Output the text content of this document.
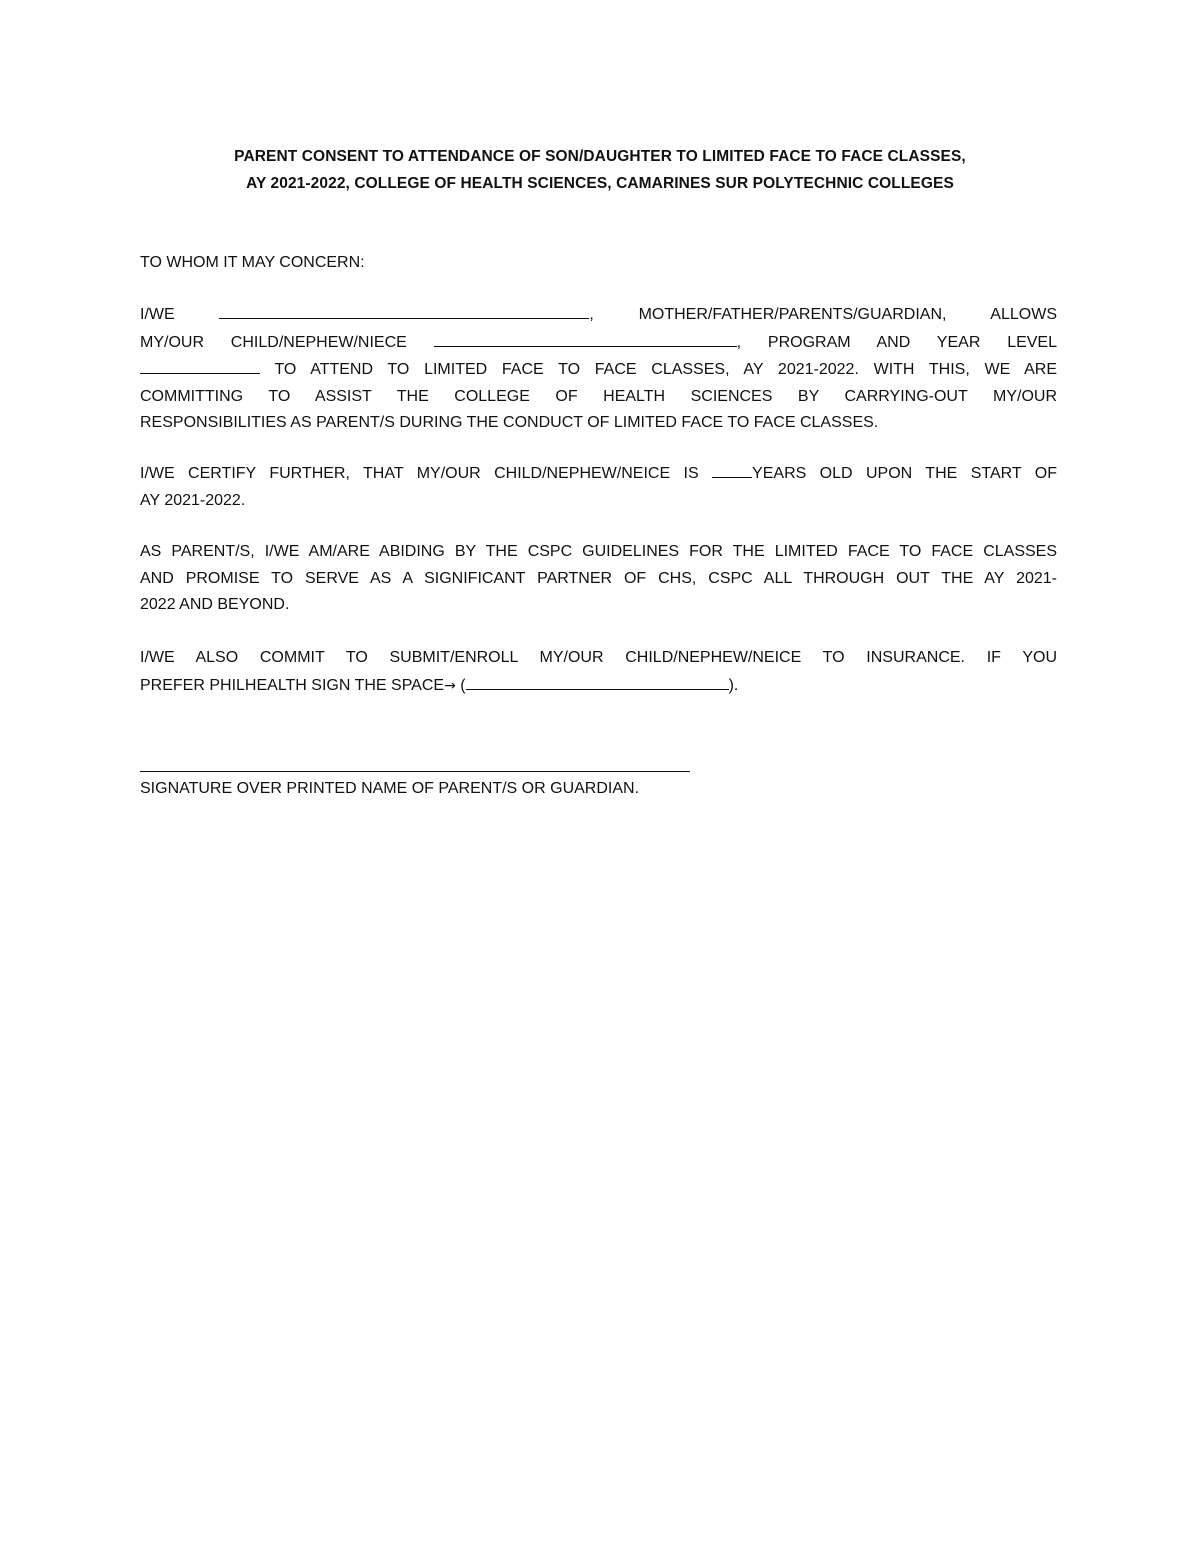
PARENT CONSENT TO ATTENDANCE OF SON/DAUGHTER TO LIMITED FACE TO FACE CLASSES,

AY 2021-2022, COLLEGE OF HEALTH SCIENCES, CAMARINES SUR POLYTECHNIC COLLEGES

TO WHOM IT MAY CONCERN:

I/WE	, MOTHER/FATHER/PARENTS/GUARDIAN, ALLOWS
MY/OUR CHILD/NEPHEW/NIECE	, PROGRAM AND YEAR LEVEL
TO ATTEND TO LIMITED FACE TO FACE CLASSES, AY 2021-2022. WITH THIS, WE ARE
COMMITTING TO ASSIST THE COLLEGE OF HEALTH SCIENCES BY CARRYING-OUT MY/OUR
RESPONSIBILITIES AS PARENT/S DURING THE CONDUCT OF LIMITED FACE TO FACE CLASSES.
I/WE CERTIFY FURTHER, THAT MY/OUR CHILD/NEPHEW/NEICE IS	YEARS OLD UPON THE START OF
AY 2021-2022.
AS PARENT/S, I/WE AM/ARE ABIDING BY THE CSPC GUIDELINES FOR THE LIMITED FACE TO FACE CLASSES
AND PROMISE TO SERVE AS A SIGNIFICANT PARTNER OF CHS, CSPC ALL THROUGH OUT THE AY 2021-
2022 AND BEYOND.
I/WE ALSO COMMIT TO SUBMIT/ENROLL MY/OUR CHILD/NEPHEW/NEICE TO INSURANCE. IF YOU
PREFER PHILHEALTH SIGN THE SPACE→ (	).

SIGNATURE OVER PRINTED NAME OF PARENT/S OR GUARDIAN.
